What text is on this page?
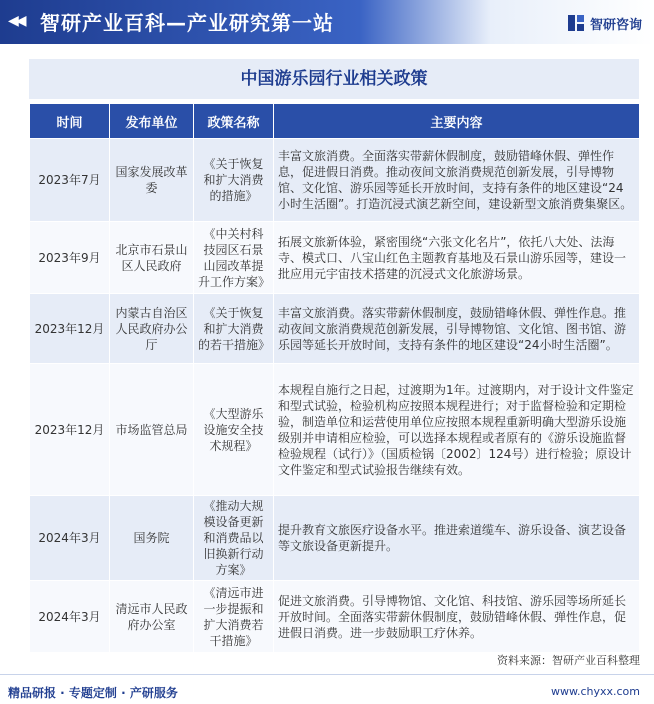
◀◀ 智研产业百科—产业研究第一站	智研咨询
中国游乐园行业相关政策
时间	发布单位	政策名称	主要内容
2023年7月	国家发展改革委	《关于恢复和扩大消费的措施》	丰富文旅消费。全面落实带薪休假制度，鼓励错峰休假、弹性作息，促进假日消费。推动夜间文旅消费规范创新发展，引导博物馆、文化馆、游乐园等延长开放时间，支持有条件的地区建设“24小时生活圈”。打造沉浸式演艺新空间，建设新型文旅消费集聚区。
2023年9月	北京市石景山区人民政府	《中关村科技园区石景山园改革提升工作方案》	拓展文旅新体验，紧密围绕“六张文化名片”，依托八大处、法海寺、模式口、八宝山红色主题教育基地及石景山游乐园等，建设一批应用元宇宙技术搭建的沉浸式文化旅游场景。
2023年12月	内蒙古自治区人民政府办公厅	《关于恢复和扩大消费的若干措施》	丰富文旅消费。落实带薪休假制度，鼓励错峰休假、弹性作息。推动夜间文旅消费规范创新发展，引导博物馆、文化馆、图书馆、游乐园等延长开放时间，支持有条件的地区建设“24小时生活圈”。
2023年12月	市场监管总局	《大型游乐设施安全技术规程》	本规程自施行之日起，过渡期为1年。过渡期内，对于设计文件鉴定和型式试验，检验机构应按照本规程进行；对于监督检验和定期检验，制造单位和运营使用单位应按照本规程重新明确大型游乐设施级别并申请相应检验，可以选择本规程或者原有的《游乐设施监督检验规程（试行）》（国质检锅〔2002〕124号）进行检验；原设计文件鉴定和型式试验报告继续有效。
2024年3月	国务院	《推动大规模设备更新和消费品以旧换新行动方案》	提升教育文旅医疗设备水平。推进索道缆车、游乐设备、演艺设备等文旅设备更新提升。
2024年3月	清远市人民政府办公室	《清远市进一步提振和扩大消费若干措施》	促进文旅消费。引导博物馆、文化馆、科技馆、游乐园等场所延长开放时间。全面落实带薪休假制度，鼓励错峰休假、弹性作息，促进假日消费。进一步鼓励职工疗休养。
资料来源：智研产业百科整理
精品研报 · 专题定制 · 产研服务	www.chyxx.com
